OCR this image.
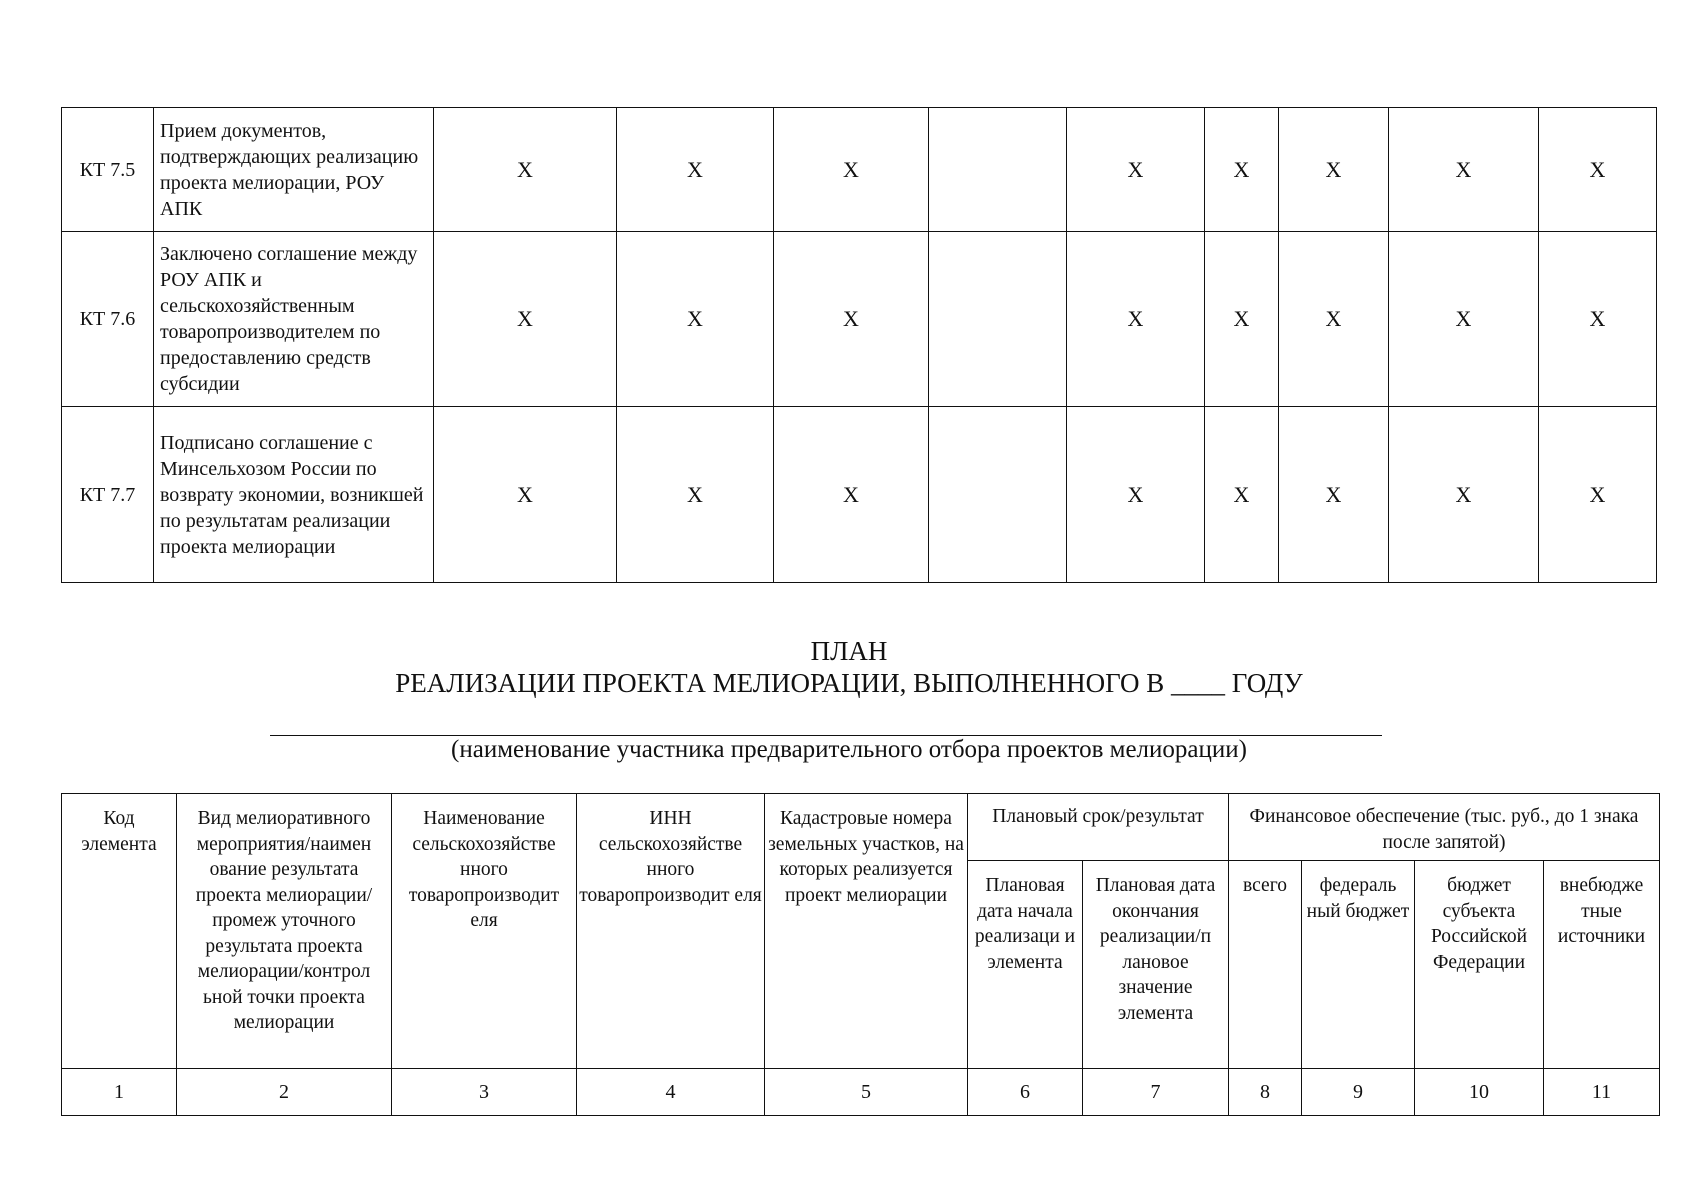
КТ 7.5	Прием документов, подтверждающих реализацию проекта мелиорации, РОУ АПК	X	X	X		X	X	X	X	X
КТ 7.6	Заключено соглашение между РОУ АПК и сельскохозяйственным товаропроизводителем по предоставлению средств субсидии	X	X	X		X	X	X	X	X
КТ 7.7	Подписано соглашение с Минсельхозом России по возврату экономии, возникшей по результатам реализации проекта мелиорации	X	X	X		X	X	X	X	X
ПЛАН
РЕАЛИЗАЦИИ ПРОЕКТА МЕЛИОРАЦИИ, ВЫПОЛНЕННОГО В ____ ГОДУ
(наименование участника предварительного отбора проектов мелиорации)
Код элемента	Вид мелиоративного мероприятия/наимен ование результата проекта мелиорации/промеж уточного результата проекта мелиорации/контрол ьной точки проекта мелиорации	Наименование сельскохозяйстве нного товаропроизводит еля	ИНН сельскохозяйстве нного товаропроизводит еля	Кадастровые номера земельных участков, на которых реализуется проект мелиорации	Плановый срок/результат		Финансовое обеспечение (тыс. руб., до 1 знака после запятой)			
					Плановая дата начала реализаци и элемента	Плановая дата окончания реализации/п лановое значение элемента	всего	федераль ный бюджет	бюджет субъекта Российской Федерации	внебюдже тные источники
1	2	3	4	5	6	7	8	9	10	11
